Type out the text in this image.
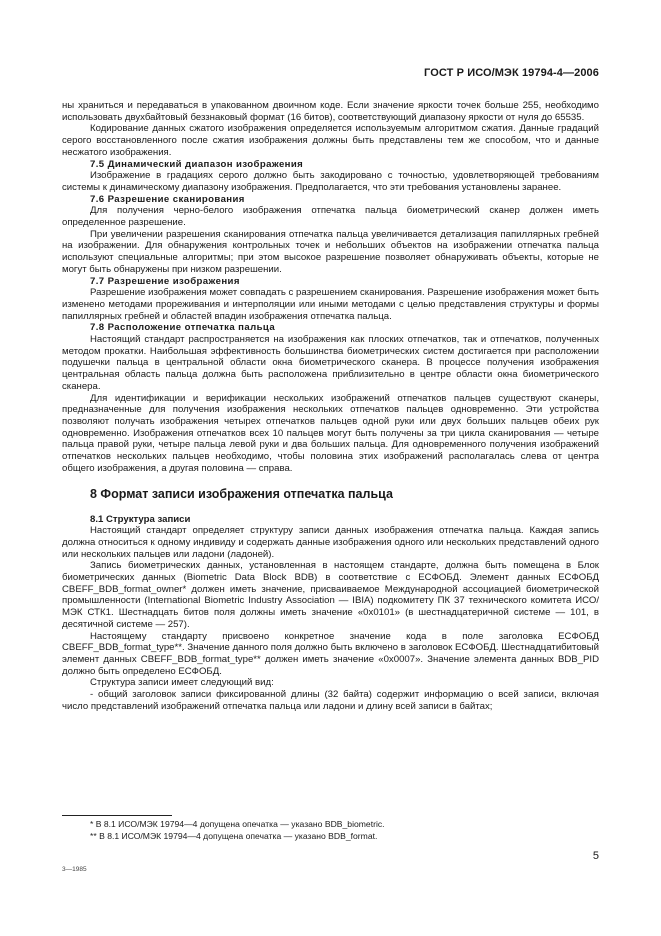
ГОСТ Р ИСО/МЭК 19794-4—2006

ны храниться и передаваться в упакованном двоичном коде. Если значение яркости точек больше 255, необходимо использовать двухбайтовый беззнаковый формат (16 битов), соответствующий диапазону яркости от нуля до 65535.

Кодирование данных сжатого изображения определяется используемым алгоритмом сжатия. Данные градаций серого восстановленного после сжатия изображения должны быть представлены тем же способом, что и данные несжатого изображения.

7.5 Динамический диапазон изображения

Изображение в градациях серого должно быть закодировано с точностью, удовлетворяющей требованиям системы к динамическому диапазону изображения. Предполагается, что эти требования установлены заранее.

7.6 Разрешение сканирования

Для получения черно-белого изображения отпечатка пальца биометрический сканер должен иметь определенное разрешение.

При увеличении разрешения сканирования отпечатка пальца увеличивается детализация папиллярных гребней на изображении. Для обнаружения контрольных точек и небольших объектов на изображении отпечатка пальца используют специальные алгоритмы; при этом высокое разрешение позволяет обнаруживать объекты, которые не могут быть обнаружены при низком разрешении.

7.7 Разрешение изображения

Разрешение изображения может совпадать с разрешением сканирования. Разрешение изображения может быть изменено методами прореживания и интерполяции или иными методами с целью представления структуры и формы папиллярных гребней и областей впадин изображения отпечатка пальца.

7.8 Расположение отпечатка пальца

Настоящий стандарт распространяется на изображения как плоских отпечатков, так и отпечатков, полученных методом прокатки. Наибольшая эффективность большинства биометрических систем достигается при расположении подушечки пальца в центральной области окна биометрического сканера. В процессе получения изображения центральная область пальца должна быть расположена приблизительно в центре области окна биометрического сканера.

Для идентификации и верификации нескольких изображений отпечатков пальцев существуют сканеры, предназначенные для получения изображения нескольких отпечатков пальцев одновременно. Эти устройства позволяют получать изображения четырех отпечатков пальцев одной руки или двух больших пальцев обеих рук одновременно. Изображения отпечатков всех 10 пальцев могут быть получены за три цикла сканирования — четыре пальца правой руки, четыре пальца левой руки и два больших пальца. Для одновременного получения изображений отпечатков нескольких пальцев необходимо, чтобы половина этих изображений располагалась слева от центра общего изображения, а другая половина — справа.

8 Формат записи изображения отпечатка пальца
8.1 Структура записи

Настоящий стандарт определяет структуру записи данных изображения отпечатка пальца. Каждая запись должна относиться к одному индивиду и содержать данные изображения одного или нескольких представлений одного или нескольких пальцев или ладони (ладоней).

Запись биометрических данных, установленная в настоящем стандарте, должна быть помещена в Блок биометрических данных (Biometric Data Block BDB) в соответствие с ЕСФОБД. Элемент данных ЕСФОБД CBEFF_BDB_format_owner* должен иметь значение, присваиваемое Международной ассоциацией биометрической промышленности (International Biometric Industry Association — IBIA) подкомитету ПК 37 технического комитета ИСО/МЭК СТК1. Шестнадцать битов поля должны иметь значение «0x0101» (в шестнадцатеричной системе — 101, в десятичной системе — 257).

Настоящему стандарту присвоено конкретное значение кода в поле заголовка ЕСФОБД CBEFF_BDB_format_type**. Значение данного поля должно быть включено в заголовок ЕСФОБД. Шестнадцатибитовый элемент данных CBEFF_BDB_format_type** должен иметь значение «0x0007». Значение элемента данных BDB_PID должно быть определено ЕСФОБД.

Структура записи имеет следующий вид:

- общий заголовок записи фиксированной длины (32 байта) содержит информацию о всей записи, включая число представлений изображений отпечатка пальца или ладони и длину всей записи в байтах;

* В 8.1 ИСО/МЭК 19794—4 допущена опечатка — указано BDB_biometric.
** В 8.1 ИСО/МЭК 19794—4 допущена опечатка — указано BDB_format.
3—1985
5
